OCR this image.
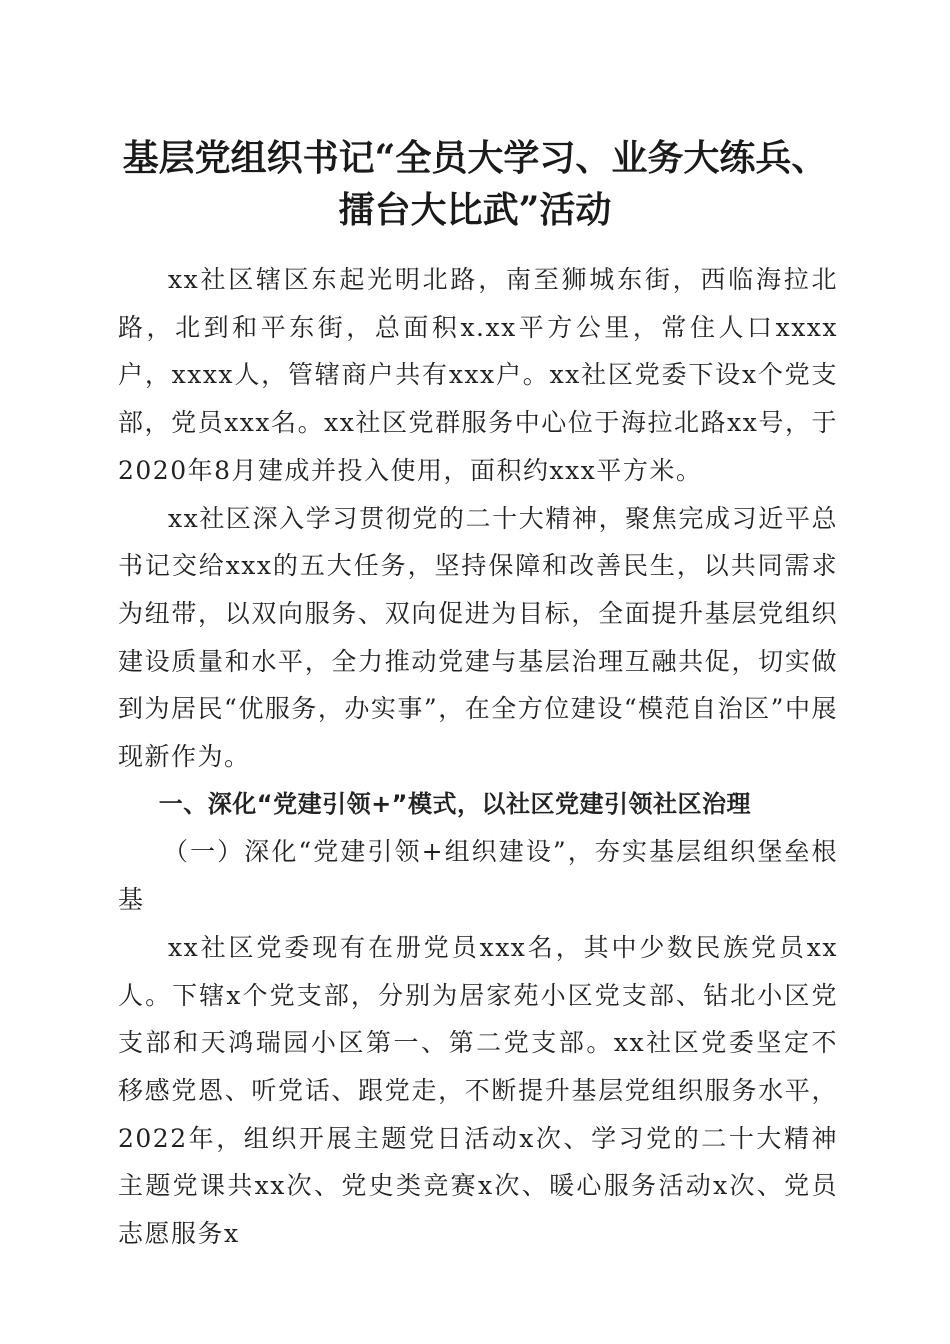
基层党组织书记“全员大学习、业务大练兵、
擂台大比武”活动

xx社区辖区东起光明北路，南至狮城东街，西临海拉北路，北到和平东街，总面积x.xx平方公里，常住人口xxxx户，xxxx人，管辖商户共有xxx户。xx社区党委下设x个党支部，党员xxx名。xx社区党群服务中心位于海拉北路xx号，于2020年8月建成并投入使用，面积约xxx平方米。

xx社区深入学习贯彻党的二十大精神，聚焦完成习近平总书记交给xxx的五大任务，坚持保障和改善民生，以共同需求为纽带，以双向服务、双向促进为目标，全面提升基层党组织建设质量和水平，全力推动党建与基层治理互融共促，切实做到为居民“优服务，办实事”，在全方位建设“模范自治区”中展现新作为。

一、深化“党建引领+”模式，以社区党建引领社区治理

（一）深化“党建引领+组织建设”，夯实基层组织堡垒根基

xx社区党委现有在册党员xxx名，其中少数民族党员xx人。下辖x个党支部，分别为居家苑小区党支部、钻北小区党支部和天鸿瑞园小区第一、第二党支部。xx社区党委坚定不移感党恩、听党话、跟党走，不断提升基层党组织服务水平，2022年，组织开展主题党日活动x次、学习党的二十大精神主题党课共xx次、党史类竞赛x次、暖心服务活动x次、党员志愿服务x
